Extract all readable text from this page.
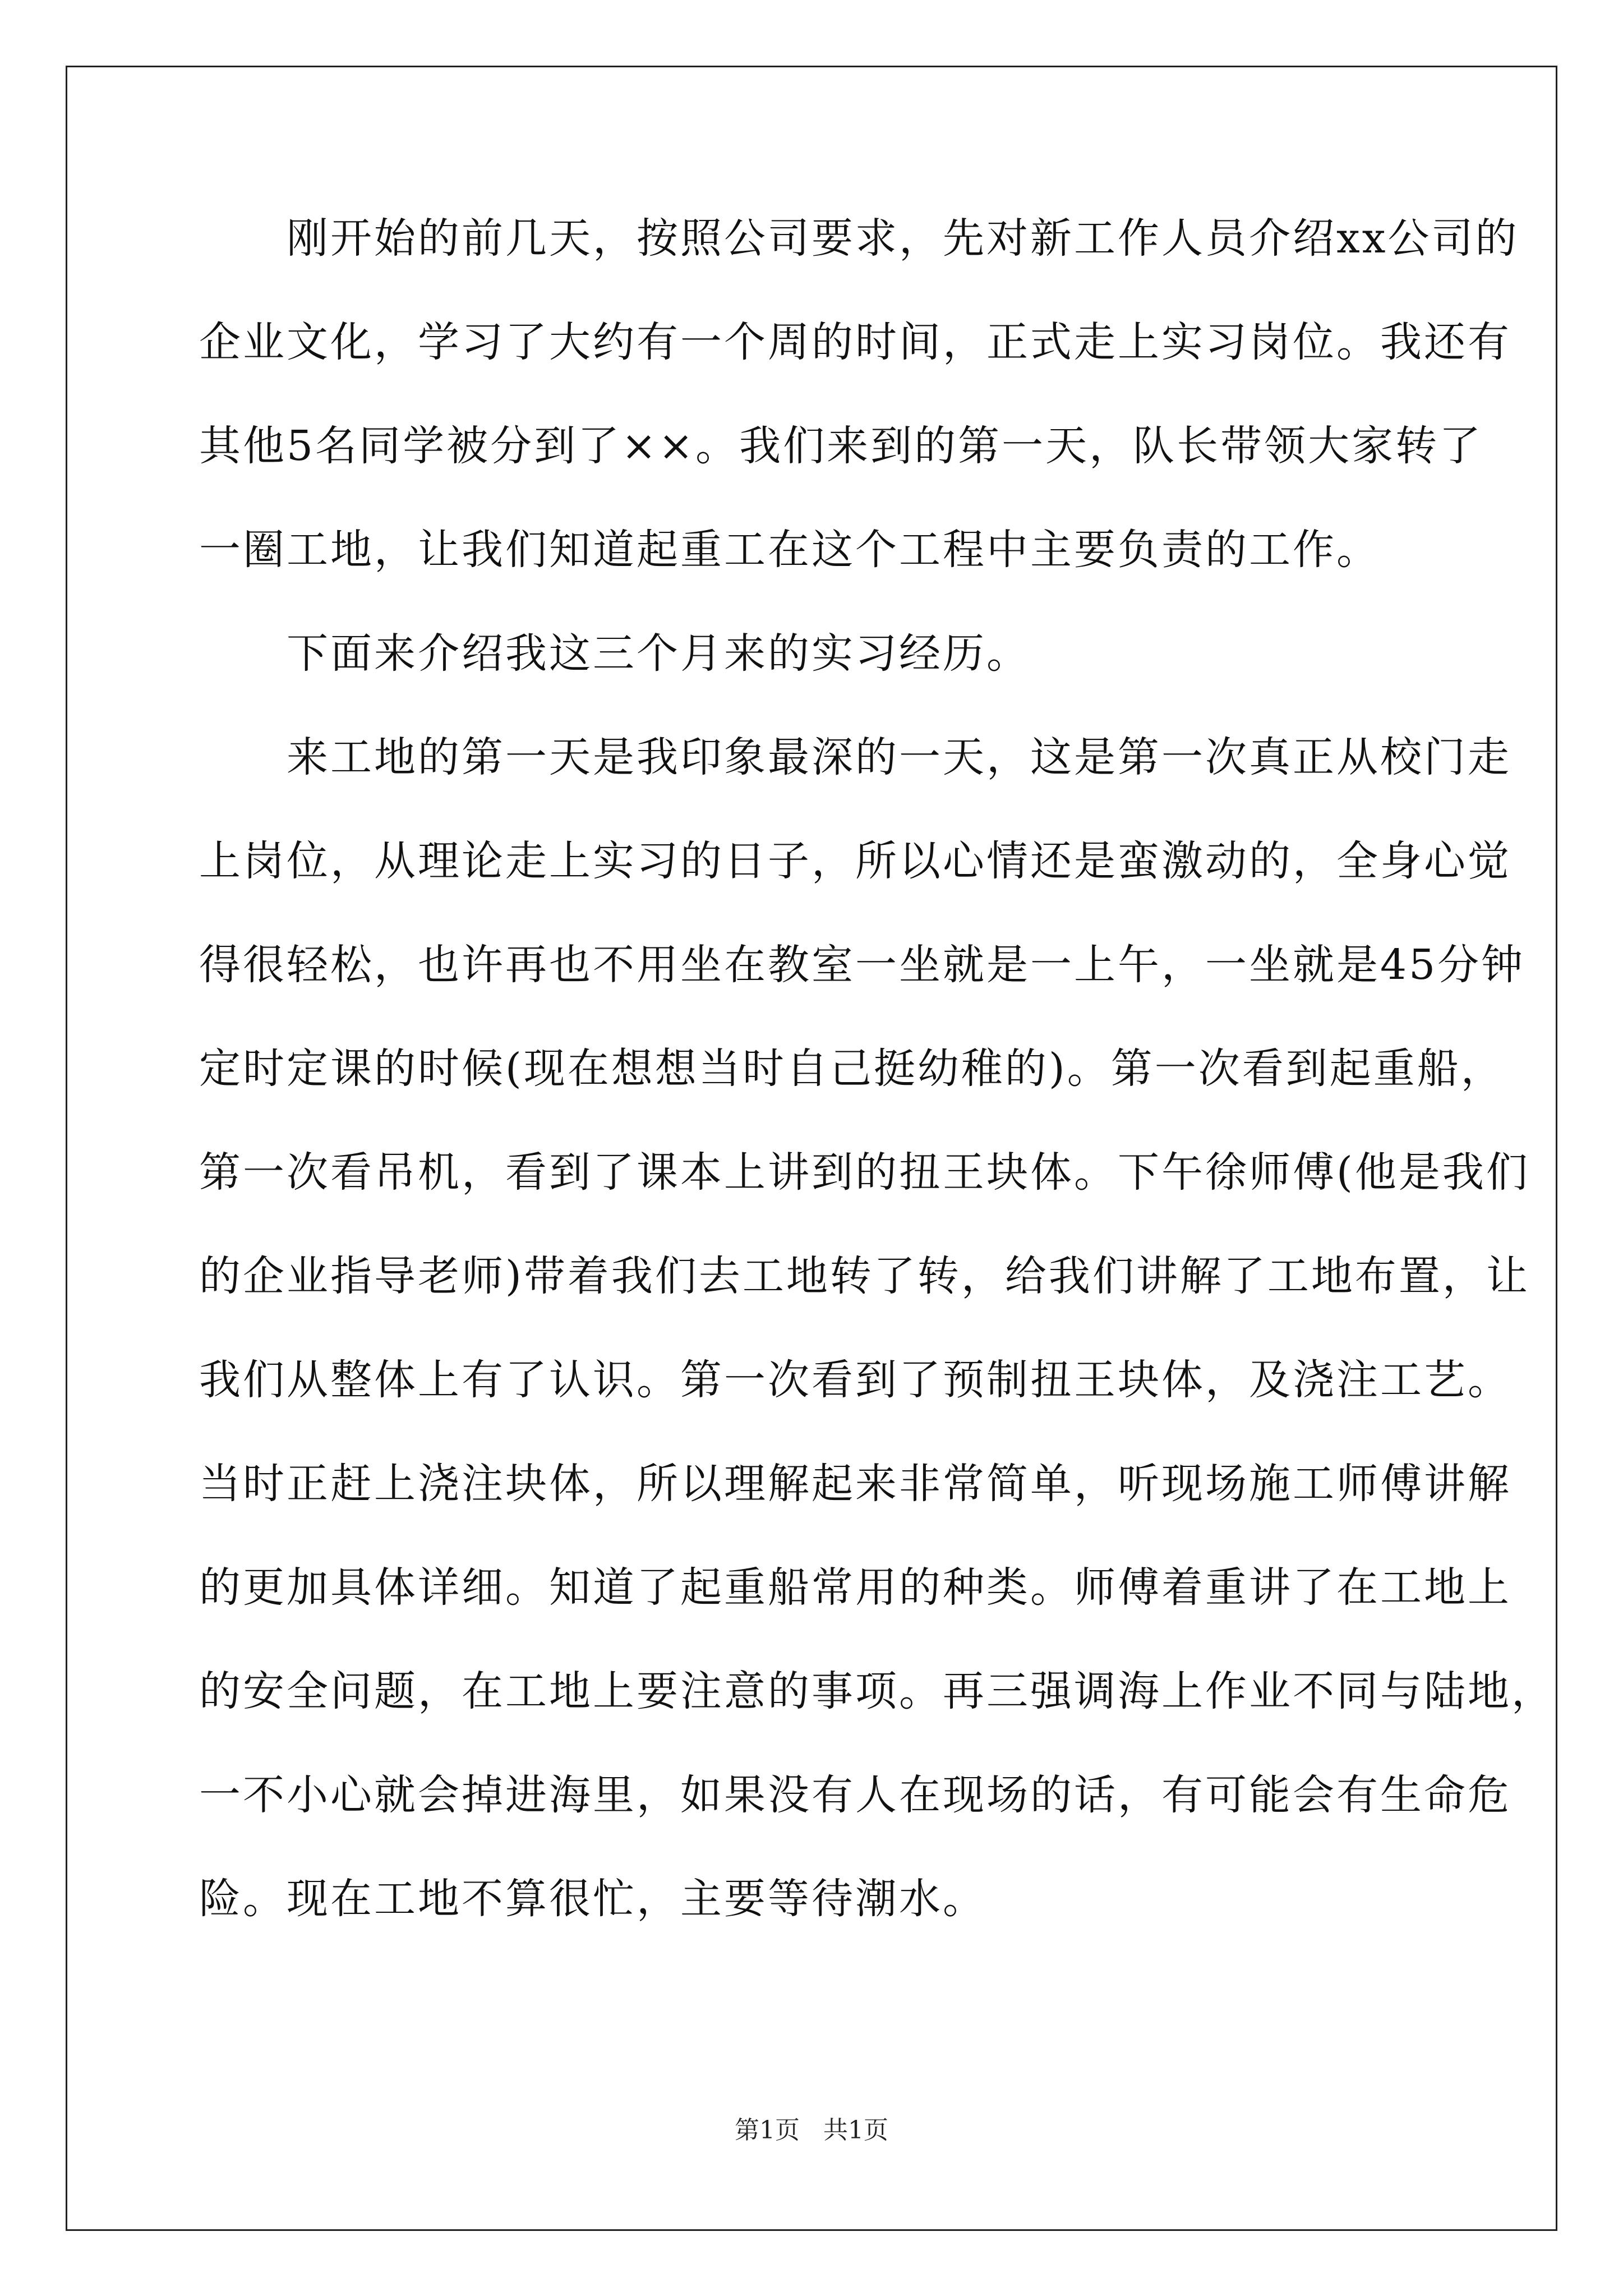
　　刚开始的前几天，按照公司要求，先对新工作人员介绍xx公司的
企业文化，学习了大约有一个周的时间，正式走上实习岗位。我还有
其他5名同学被分到了××。我们来到的第一天，队长带领大家转了
一圈工地，让我们知道起重工在这个工程中主要负责的工作。
　　下面来介绍我这三个月来的实习经历。
　　来工地的第一天是我印象最深的一天，这是第一次真正从校门走
上岗位，从理论走上实习的日子，所以心情还是蛮激动的，全身心觉
得很轻松，也许再也不用坐在教室一坐就是一上午，一坐就是45分钟
定时定课的时候(现在想想当时自己挺幼稚的)。第一次看到起重船，
第一次看吊机，看到了课本上讲到的扭王块体。下午徐师傅(他是我们
的企业指导老师)带着我们去工地转了转，给我们讲解了工地布置，让
我们从整体上有了认识。第一次看到了预制扭王块体，及浇注工艺。
当时正赶上浇注块体，所以理解起来非常简单，听现场施工师傅讲解
的更加具体详细。知道了起重船常用的种类。师傅着重讲了在工地上
的安全问题，在工地上要注意的事项。再三强调海上作业不同与陆地，
一不小心就会掉进海里，如果没有人在现场的话，有可能会有生命危
险。现在工地不算很忙，主要等待潮水。
第1页 共1页
